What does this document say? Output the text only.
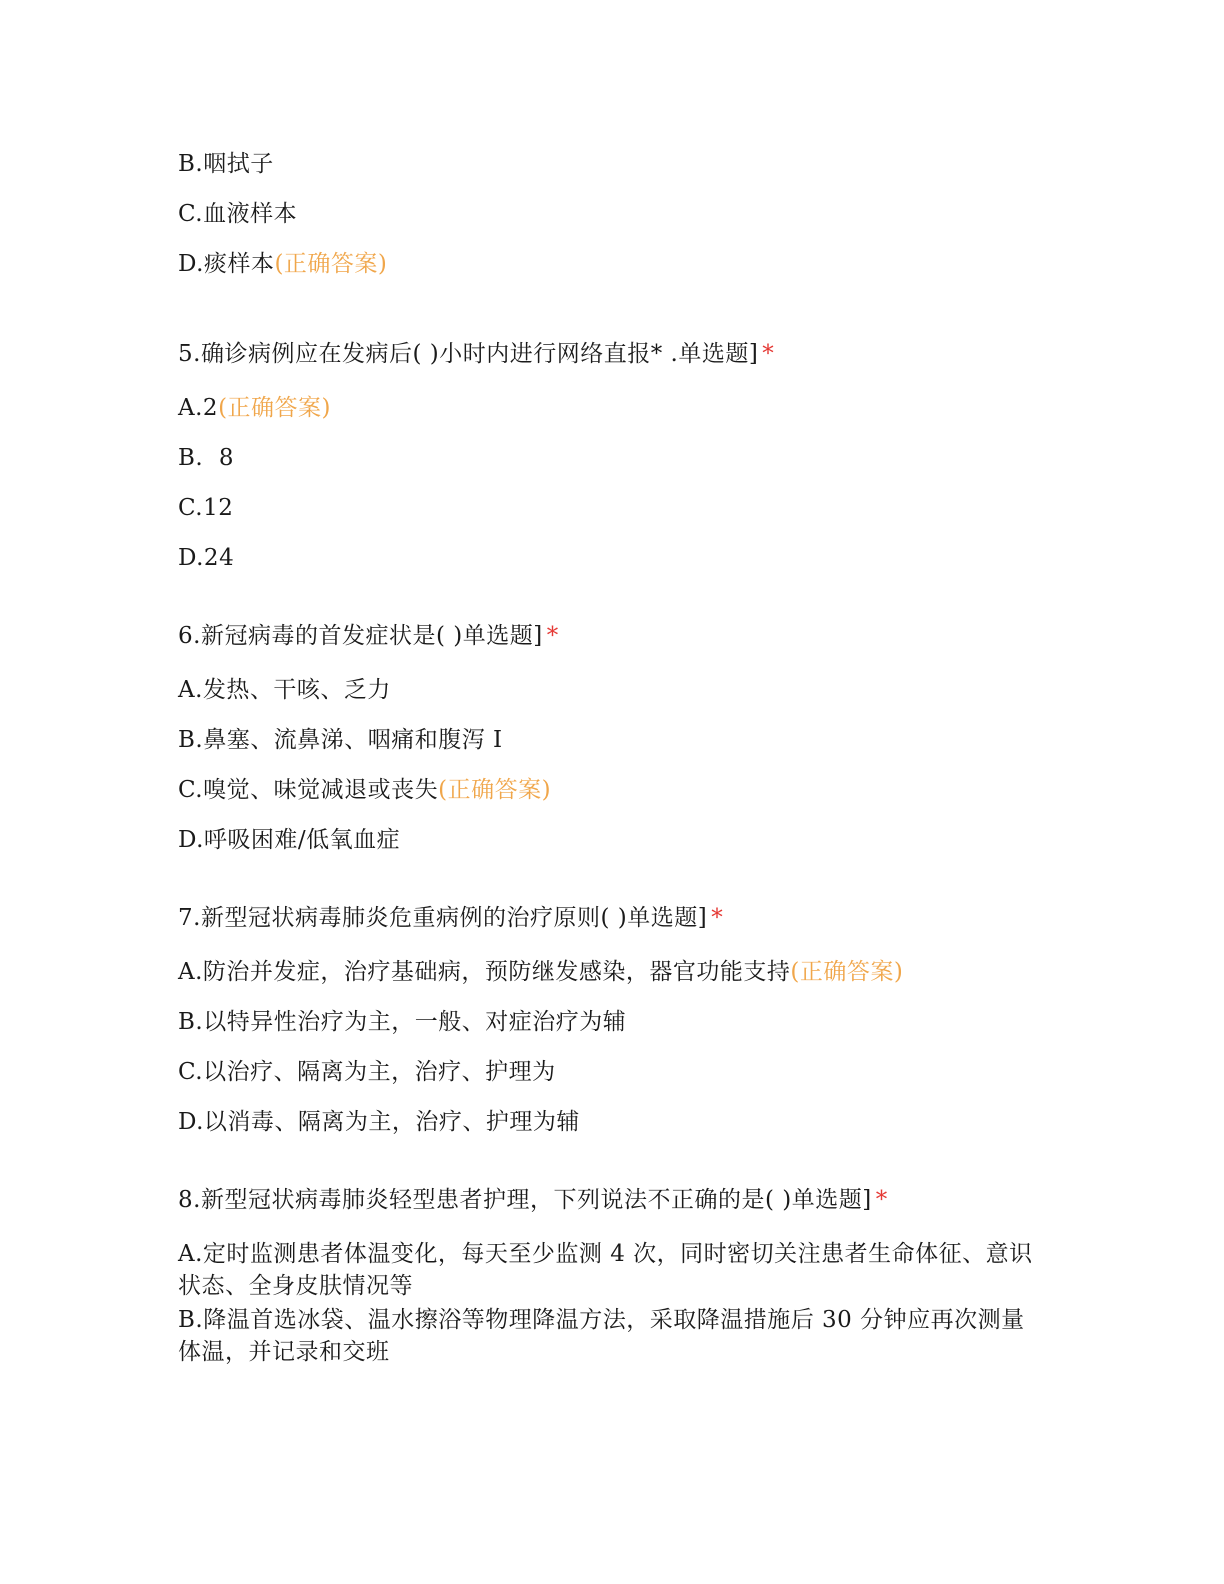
B.咽拭子
C.血液样本
D.痰样本(正确答案)
5.确诊病例应在发病后( )小时内进行网络直报* .单选题] *
A.2(正确答案)
B.  8
C.12
D.24
6.新冠病毒的首发症状是( )单选题] *
A.发热、干咳、乏力
B.鼻塞、流鼻涕、咽痛和腹泻 I
C.嗅觉、味觉减退或丧失(正确答案)
D.呼吸困难/低氧血症
7.新型冠状病毒肺炎危重病例的治疗原则( )单选题] *
A.防治并发症，治疗基础病，预防继发感染，器官功能支持(正确答案)
B.以特异性治疗为主，一般、对症治疗为辅
C.以治疗、隔离为主，治疗、护理为
D.以消毒、隔离为主，治疗、护理为辅
8.新型冠状病毒肺炎轻型患者护理，下列说法不正确的是( )单选题] *
A.定时监测患者体温变化，每天至少监测 4 次，同时密切关注患者生命体征、意识状态、全身皮肤情况等
B.降温首选冰袋、温水擦浴等物理降温方法，采取降温措施后 30 分钟应再次测量体温，并记录和交班
